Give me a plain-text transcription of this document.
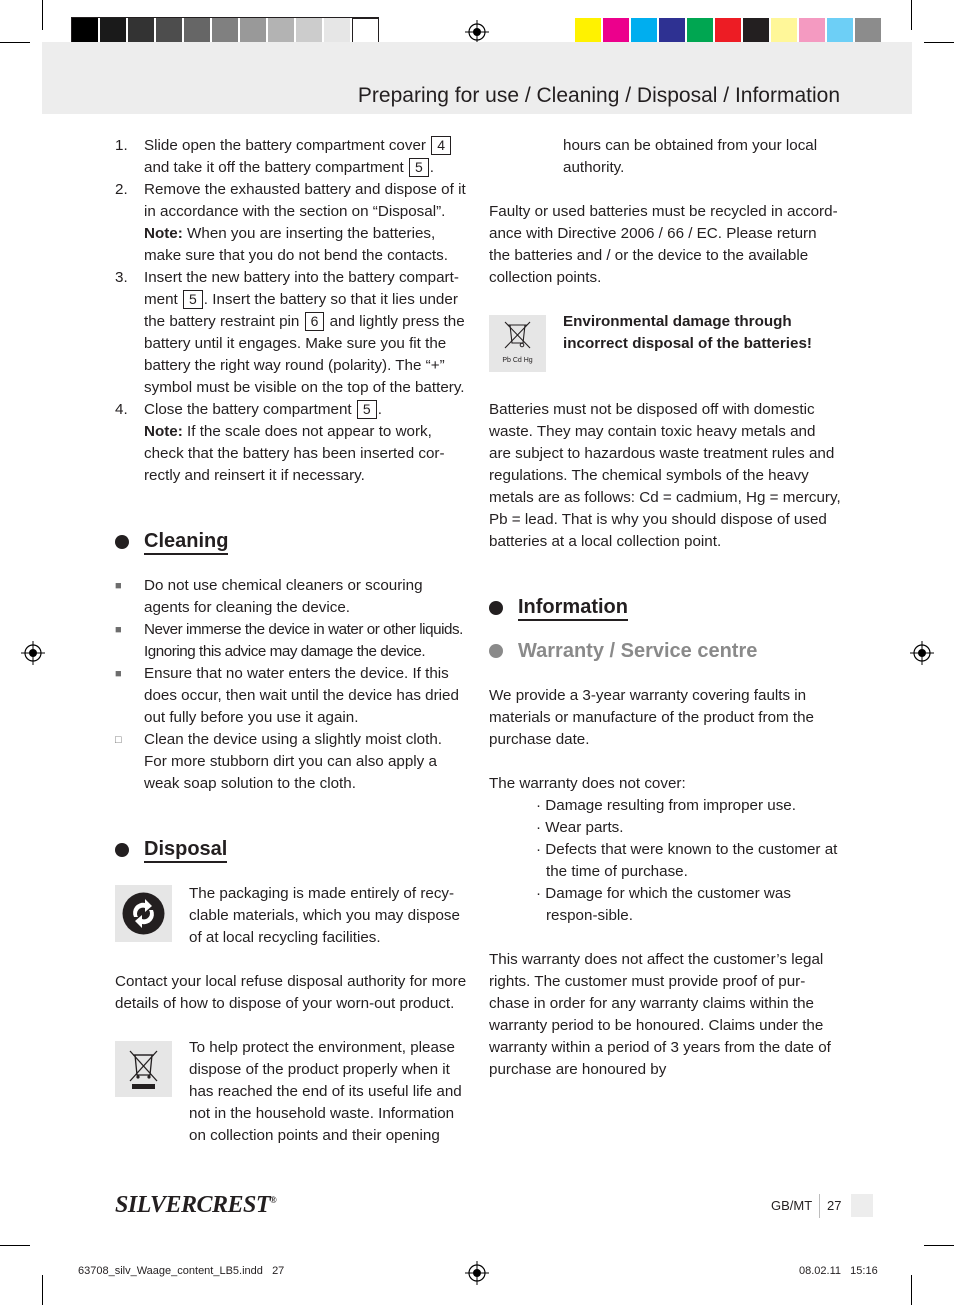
Preparing for use / Cleaning / Disposal / Information
1. Slide open the battery compartment cover 4 and take it off the battery compartment 5 .
2. Remove the exhausted battery and dispose of it in accordance with the section on “Disposal”.
Note: When you are inserting the batteries, make sure that you do not bend the contacts.
3. Insert the new battery into the battery compart-ment 5 . Insert the battery so that it lies under the battery restraint pin 6 and lightly press the battery until it engages. Make sure you fit the battery the right way round (polarity). The “+” symbol must be visible on the top of the battery.
4. Close the battery compartment 5 .
Note: If the scale does not appear to work, check that the battery has been inserted cor-rectly and reinsert it if necessary.
Cleaning
■ Do not use chemical cleaners or scouring agents for cleaning the device.
■ Never immerse the device in water or other liquids. Ignoring this advice may damage the device.
■ Ensure that no water enters the device. If this does occur, then wait until the device has dried out fully before you use it again.
□ Clean the device using a slightly moist cloth. For more stubborn dirt you can also apply a weak soap solution to the cloth.
Disposal

The packaging is made entirely of recy-clable materials, which you may dispose of at local recycling facilities.

Contact your local refuse disposal authority for more details of how to dispose of your worn-out product.

To help protect the environment, please dispose of the product properly when it has reached the end of its useful life and not in the household waste. Information on collection points and their opening

hours can be obtained from your local authority.

Faulty or used batteries must be recycled in accord-ance with Directive 2006 / 66 / EC. Please return the batteries and / or the device to the available collection points.

Pb Cd Hg

Environmental damage through incorrect disposal of the batteries!

Batteries must not be disposed off with domestic waste. They may contain toxic heavy metals and are subject to hazardous waste treatment rules and regulations. The chemical symbols of the heavy metals are as follows: Cd = cadmium, Hg = mercury, Pb = lead. That is why you should dispose of used batteries at a local collection point.

Information
Warranty / Service centre

We provide a 3-year warranty covering faults in materials or manufacture of the product from the purchase date.

The warranty does not cover:

· Damage resulting from improper use.
· Wear parts.
· Defects that were known to the customer at the time of purchase.
· Damage for which the customer was respon-sible.

This warranty does not affect the customer’s legal rights. The customer must provide proof of pur-chase in order for any warranty claims within the warranty period to be honoured. Claims under the warranty within a period of 3 years from the date of purchase are honoured by

SILVERCREST®	GB/MT 27
63708_silv_Waage_content_LB5.indd   27	08.02.11   15:16
